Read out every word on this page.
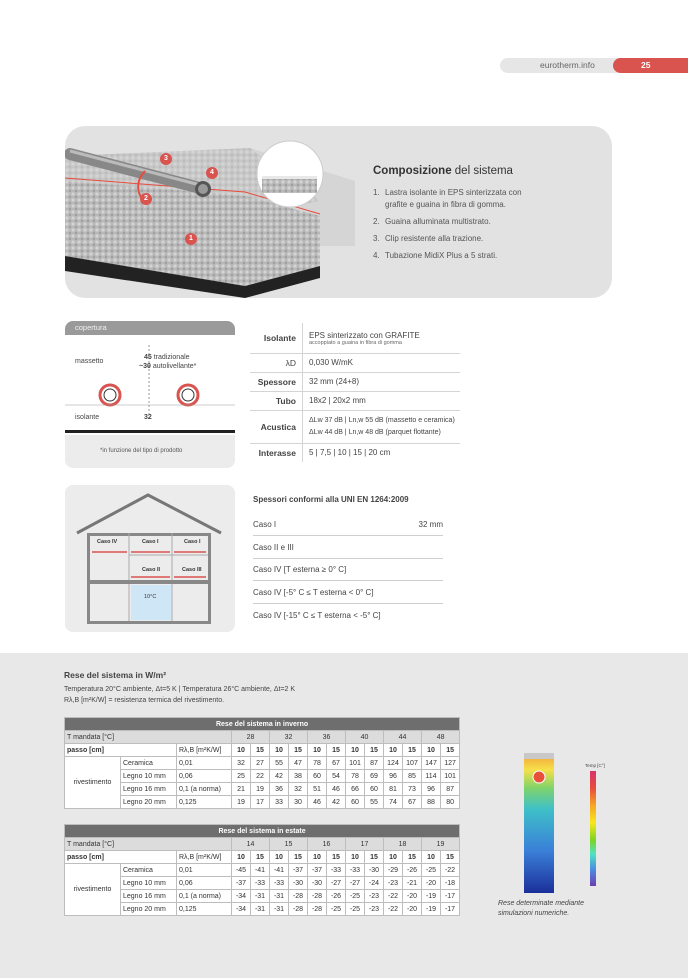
eurotherm.info	25
3
4
2
1
Composizione del sistema
1. Lastra isolante in EPS sinterizzata con grafite e guaina in fibra di gomma.
2. Guaina alluminata multistrato.
3. Clip resistente alla trazione.
4. Tubazione MidiX Plus a 5 strati.
copertura
massetto
45 tradizionale
~30 autolivellante*
isolante	32
*in funzione del tipo di prodotto
Isolante	EPS sinterizzato con GRAFITE
accoppiato a guaina in fibra di gomma
λD	0,030 W/mK
Spessore	32 mm (24+8)
Tubo	18x2 | 20x2 mm
Acustica
ΔLw 37 dB | Ln,w 55 dB (massetto e ceramica)
ΔLw 44 dB | Ln,w 48 dB (parquet flottante)
Interasse	5 | 7,5 | 10 | 15 | 20 cm
Caso IV	Caso I	Caso I
Caso II	Caso III
10°C
Spessori conformi alla UNI EN 1264:2009
Caso I	32 mm
Caso II e III
Caso IV [T esterna ≥ 0° C]
Caso IV [-5° C ≤ T esterna < 0° C]
Caso IV [-15° C ≤ T esterna < -5° C]
Rese del sistema in W/m²
Temperatura 20°C ambiente, Δt=5 K | Temperatura 26°C ambiente, Δt=2 K
Rλ,B [m²K/W] = resistenza termica del rivestimento.
Rese del sistema in inverno														
T mandata [°C]			28		32		36		40		44		48	
passo [cm]		Rλ,B [m²K/W]	10	15	10	15	10	15	10	15	10	15	10	15
rivestimento	Ceramica	0,01	32	27	55	47	78	67	101	87	124	107	147	127
	Legno 10 mm	0,06	25	22	42	38	60	54	78	69	96	85	114	101
	Legno 16 mm	0,1 (a norma)	21	19	36	32	51	46	66	60	81	73	96	87
	Legno 20 mm	0,125	19	17	33	30	46	42	60	55	74	67	88	80
Rese del sistema in estate														
T mandata [°C]			14		15		16		17		18		19	
passo [cm]		Rλ,B [m²K/W]	10	15	10	15	10	15	10	15	10	15	10	15
rivestimento	Ceramica	0,01	-45	-41	-41	-37	-37	-33	-33	-30	-29	-26	-25	-22
	Legno 10 mm	0,06	-37	-33	-33	-30	-30	-27	-27	-24	-23	-21	-20	-18
	Legno 16 mm	0,1 (a norma)	-34	-31	-31	-28	-28	-26	-25	-23	-22	-20	-19	-17
	Legno 20 mm	0,125	-34	-31	-31	-28	-28	-25	-25	-23	-22	-20	-19	-17
Temp [C°]
Rese determinate mediante
simulazioni numeriche.
